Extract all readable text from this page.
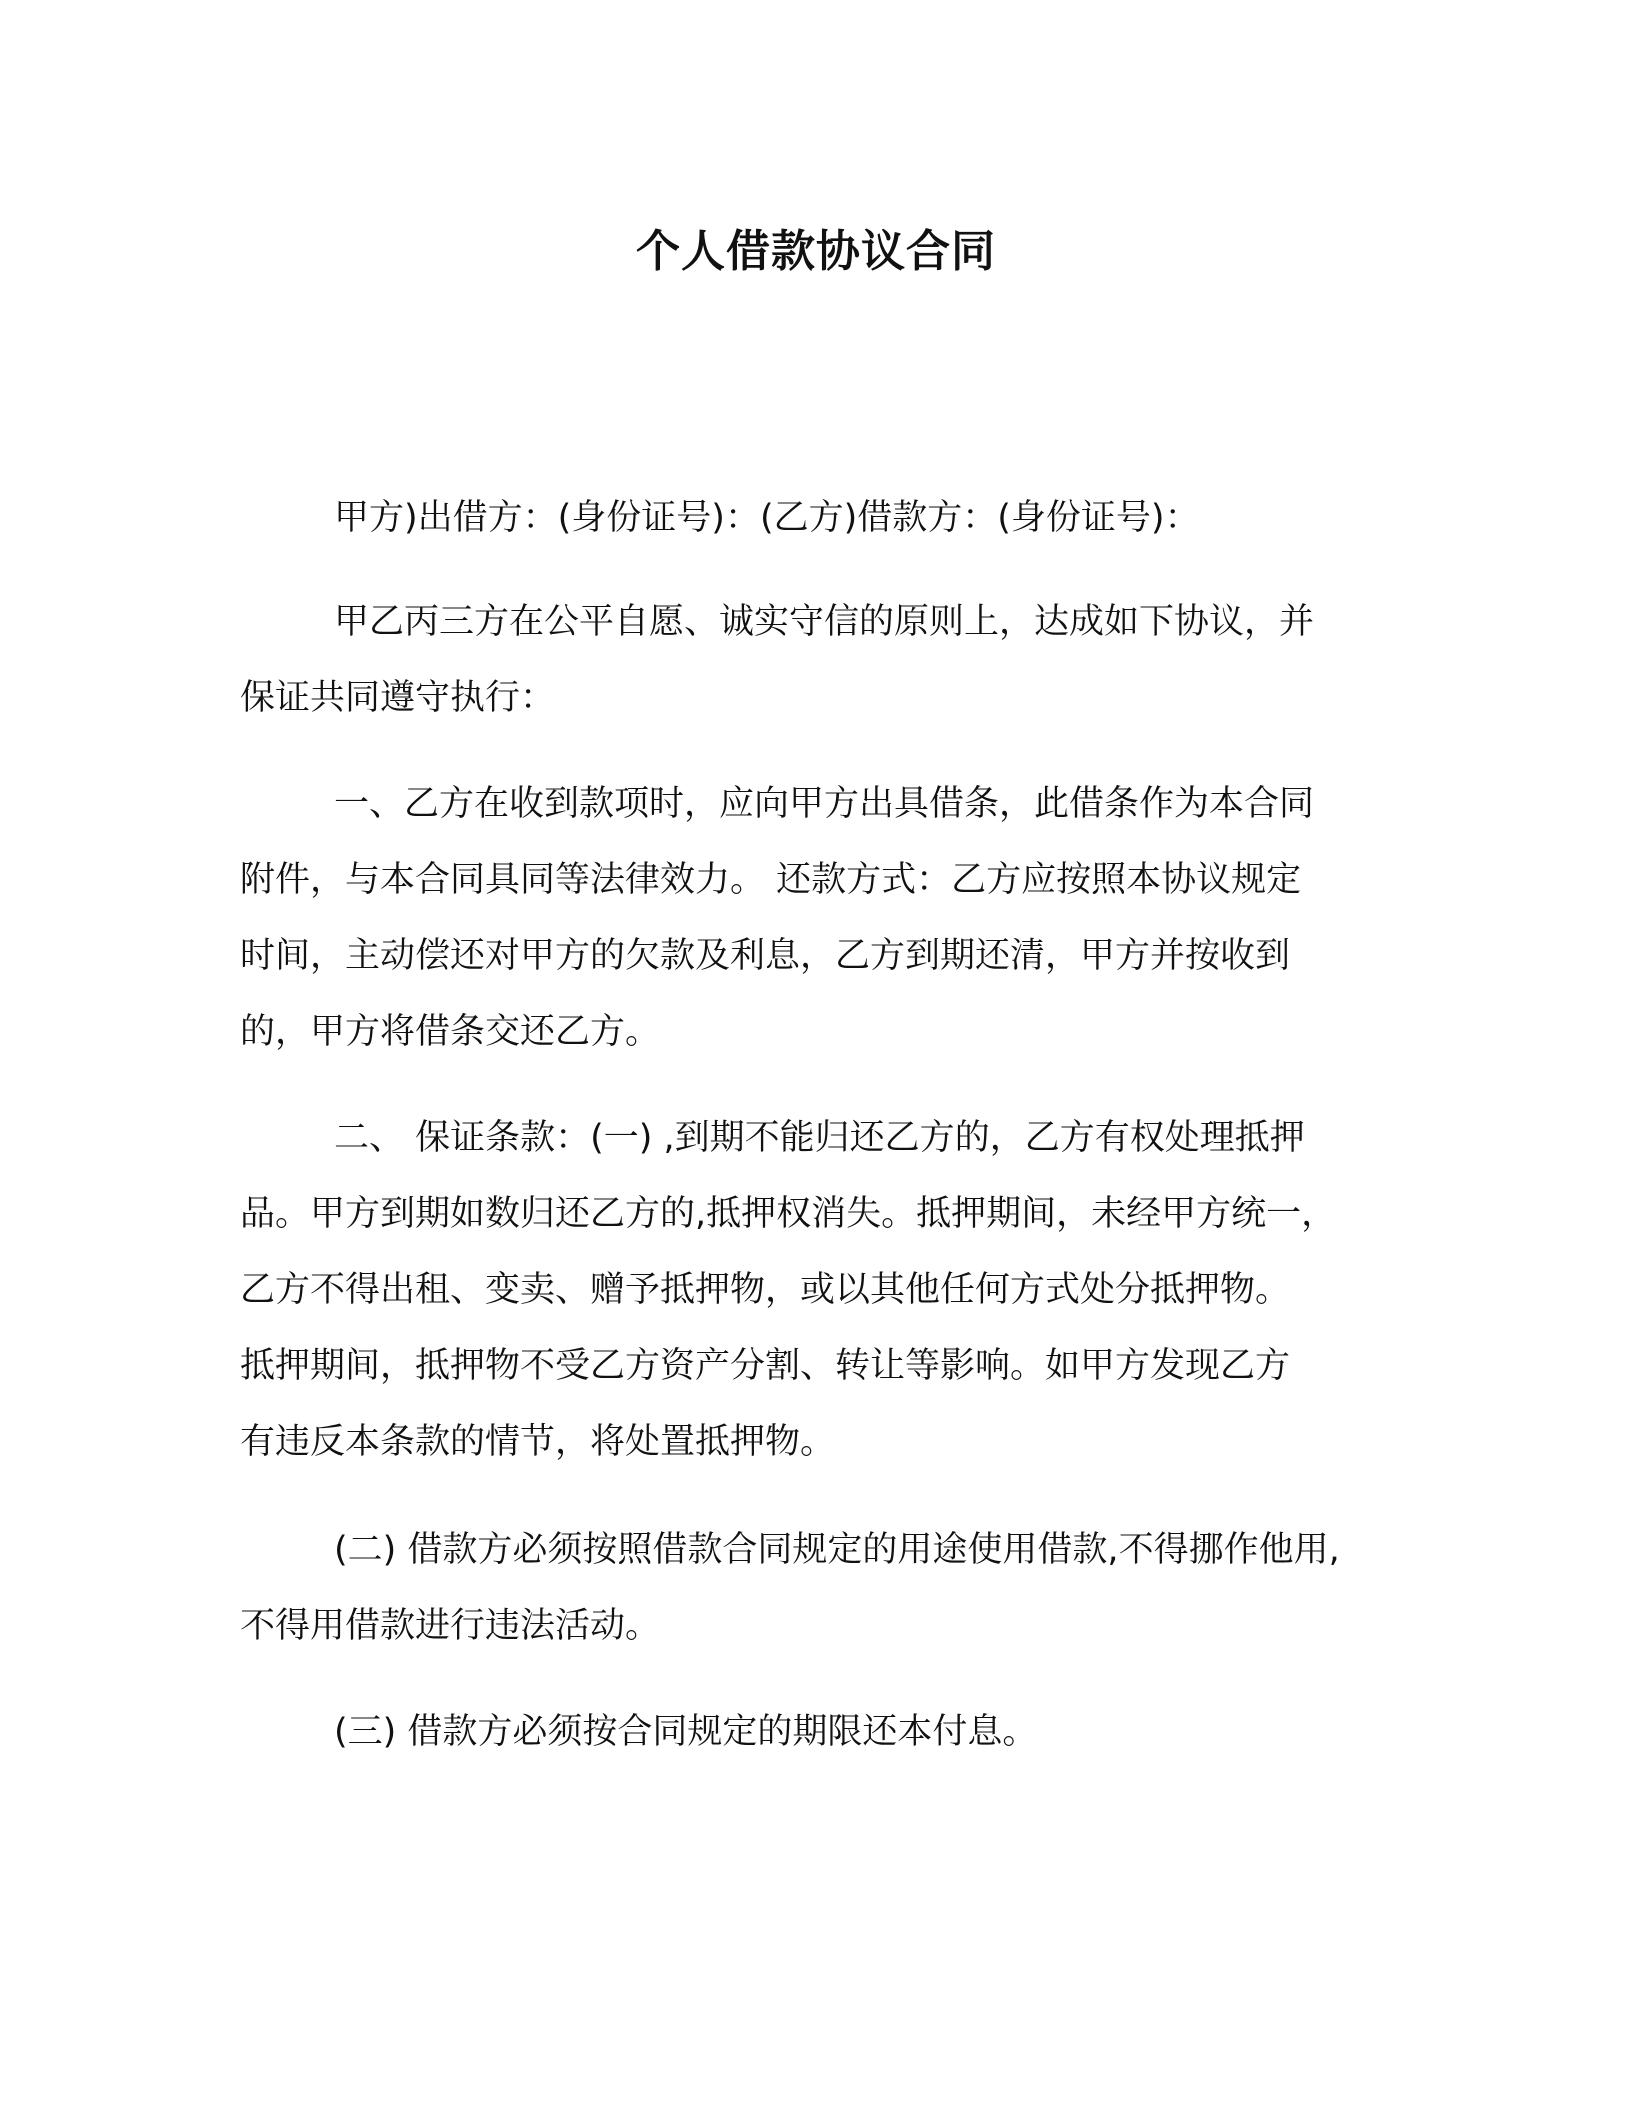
个人借款协议合同
甲方)出借方：(身份证号)：(乙方)借款方：(身份证号)：
甲乙丙三方在公平自愿、诚实守信的原则上，达成如下协议，并
保证共同遵守执行：
一、乙方在收到款项时，应向甲方出具借条，此借条作为本合同
附件，与本合同具同等法律效力。 还款方式：乙方应按照本协议规定
时间，主动偿还对甲方的欠款及利息，乙方到期还清，甲方并按收到
的，甲方将借条交还乙方。
二、 保证条款：(一) ,到期不能归还乙方的，乙方有权处理抵押
品。甲方到期如数归还乙方的,抵押权消失。抵押期间，未经甲方统一，
乙方不得出租、变卖、赠予抵押物，或以其他任何方式处分抵押物。
抵押期间，抵押物不受乙方资产分割、转让等影响。如甲方发现乙方
有违反本条款的情节，将处置抵押物。
(二) 借款方必须按照借款合同规定的用途使用借款,不得挪作他用,
不得用借款进行违法活动。
(三) 借款方必须按合同规定的期限还本付息。
